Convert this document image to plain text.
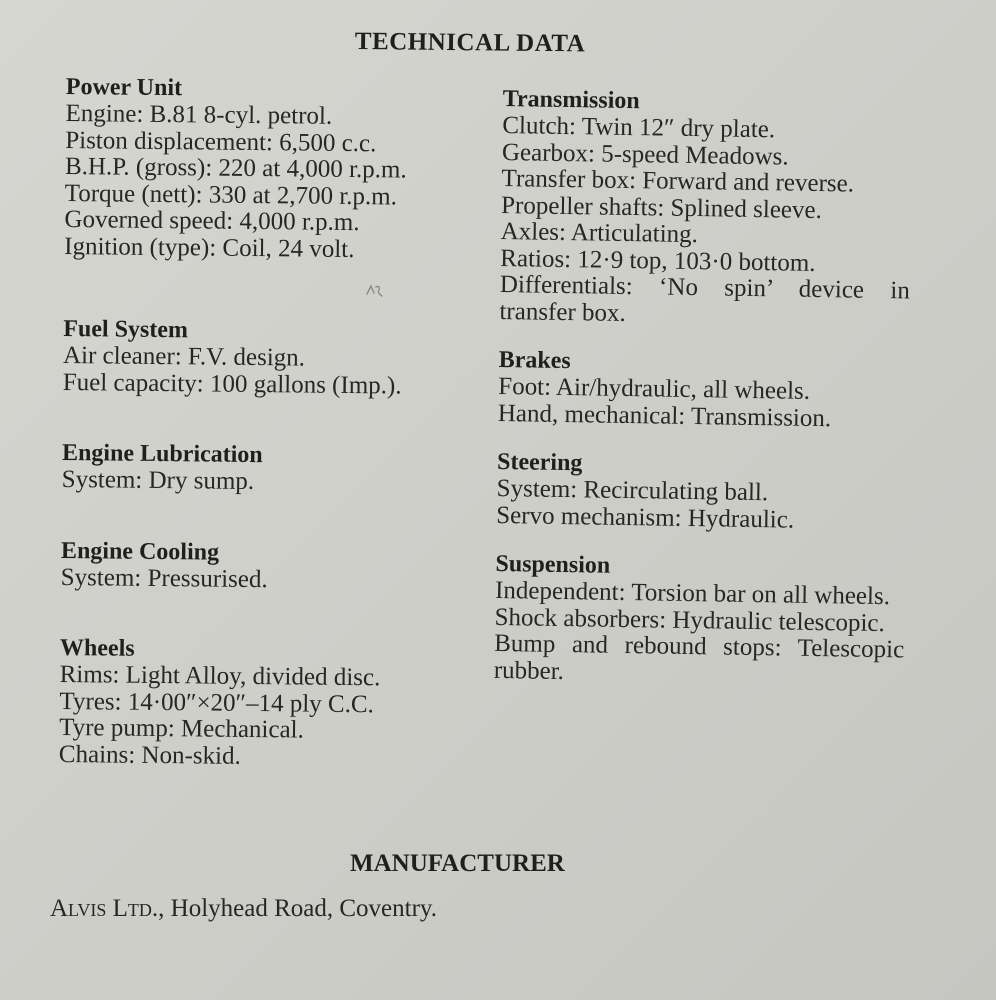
TECHNICAL DATA
Power Unit

Engine: B.81 8-cyl. petrol.

Piston displacement: 6,500 c.c.

B.H.P. (gross): 220 at 4,000 r.p.m.

Torque (nett): 330 at 2,700 r.p.m.

Governed speed: 4,000 r.p.m.

Ignition (type): Coil, 24 volt.

Fuel System

Air cleaner: F.V. design.

Fuel capacity: 100 gallons (Imp.).

Engine Lubrication

System: Dry sump.

Engine Cooling

System: Pressurised.

Wheels

Rims: Light Alloy, divided disc.

Tyres: 14·00″×20″–14 ply C.C.

Tyre pump: Mechanical.

Chains: Non-skid.

Transmission

Clutch: Twin 12″ dry plate.

Gearbox: 5-speed Meadows.

Transfer box: Forward and reverse.

Propeller shafts: Splined sleeve.

Axles: Articulating.

Ratios: 12·9 top, 103·0 bottom.

Differentials: ‘No spin’ device in transfer box.

Brakes

Foot: Air/hydraulic, all wheels.

Hand, mechanical: Transmission.

Steering

System: Recirculating ball.

Servo mechanism: Hydraulic.

Suspension

Independent: Torsion bar on all wheels.

Shock absorbers: Hydraulic telescopic.

Bump and rebound stops: Telescopic rubber.

MANUFACTURER

Alvis Ltd., Holyhead Road, Coventry.
